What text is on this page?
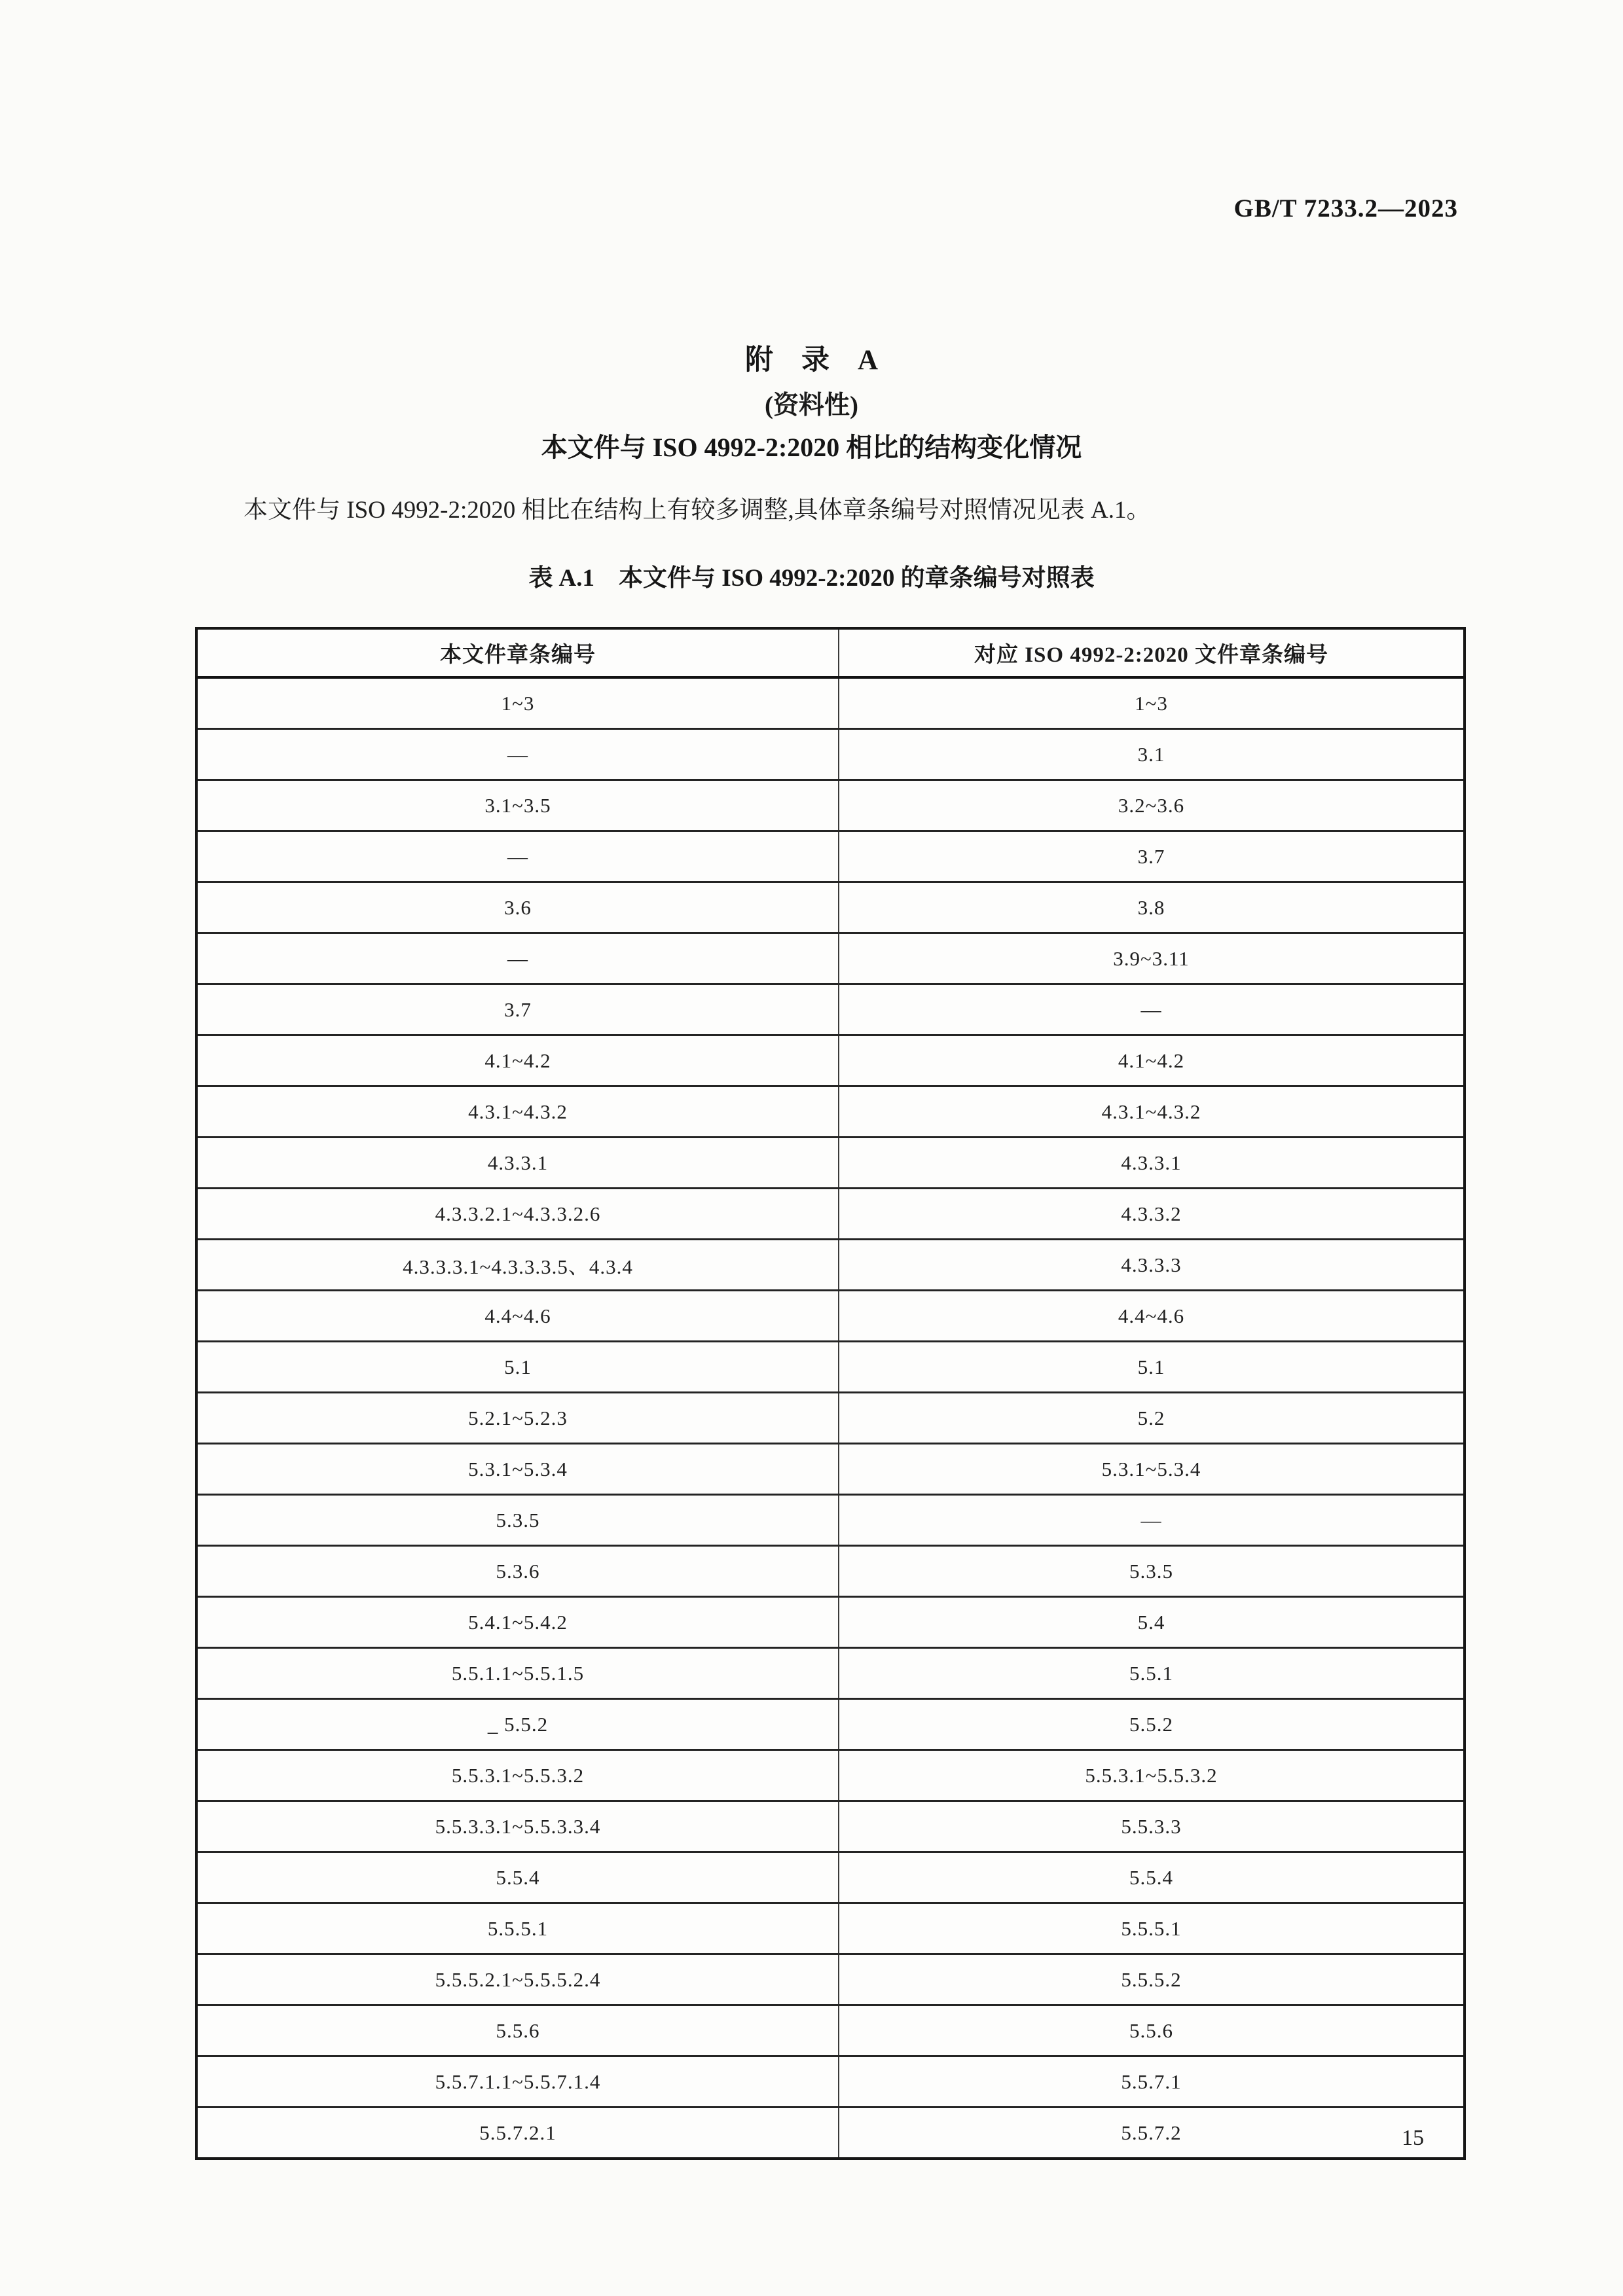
GB/T 7233.2—2023
附　录　A
(资料性)
本文件与 ISO 4992-2:2020 相比的结构变化情况

本文件与 ISO 4992-2:2020 相比在结构上有较多调整,具体章条编号对照情况见表 A.1。

表 A.1　本文件与 ISO 4992-2:2020 的章条编号对照表
本文件章条编号	对应 ISO 4992-2:2020 文件章条编号
1~3	1~3
—	3.1
3.1~3.5	3.2~3.6
—	3.7
3.6	3.8
—	3.9~3.11
3.7	—
4.1~4.2	4.1~4.2
4.3.1~4.3.2	4.3.1~4.3.2
4.3.3.1	4.3.3.1
4.3.3.2.1~4.3.3.2.6	4.3.3.2
4.3.3.3.1~4.3.3.3.5、4.3.4	4.3.3.3
4.4~4.6	4.4~4.6
5.1	5.1
5.2.1~5.2.3	5.2
5.3.1~5.3.4	5.3.1~5.3.4
5.3.5	—
5.3.6	5.3.5
5.4.1~5.4.2	5.4
5.5.1.1~5.5.1.5	5.5.1
_ 5.5.2	5.5.2
5.5.3.1~5.5.3.2	5.5.3.1~5.5.3.2
5.5.3.3.1~5.5.3.3.4	5.5.3.3
5.5.4	5.5.4
5.5.5.1	5.5.5.1
5.5.5.2.1~5.5.5.2.4	5.5.5.2
5.5.6	5.5.6
5.5.7.1.1~5.5.7.1.4	5.5.7.1
5.5.7.2.1	5.5.7.2	15
